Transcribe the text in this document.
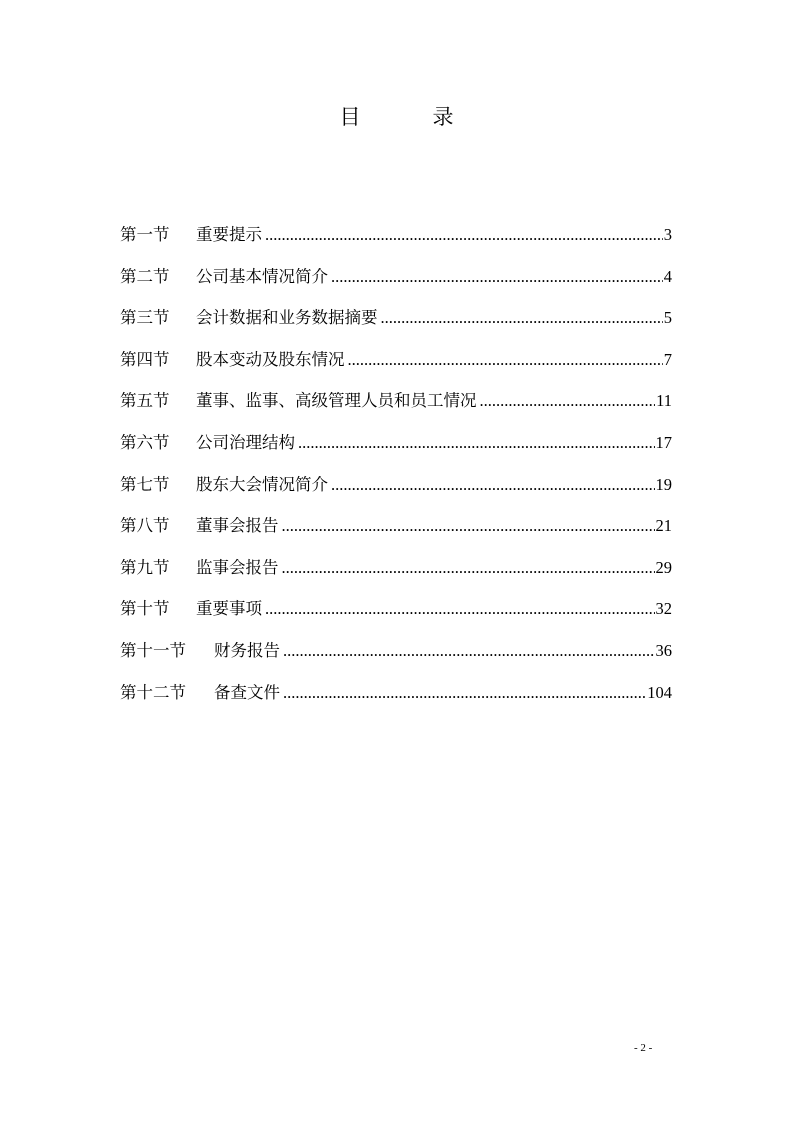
目	录
第一节	重要提示 .....	3
第二节	公司基本情况简介 .....	4
第三节	会计数据和业务数据摘要 .....	5
第四节	股本变动及股东情况 .....	7
第五节	董事、监事、高级管理人员和员工情况 .....	11
第六节	公司治理结构 .....	17
第七节	股东大会情况简介 .....	19
第八节	董事会报告 .....	21
第九节	监事会报告 .....	29
第十节	重要事项 .....	32
第十一节	财务报告 .....	36
第十二节	备查文件 .....	104
- 2 -
